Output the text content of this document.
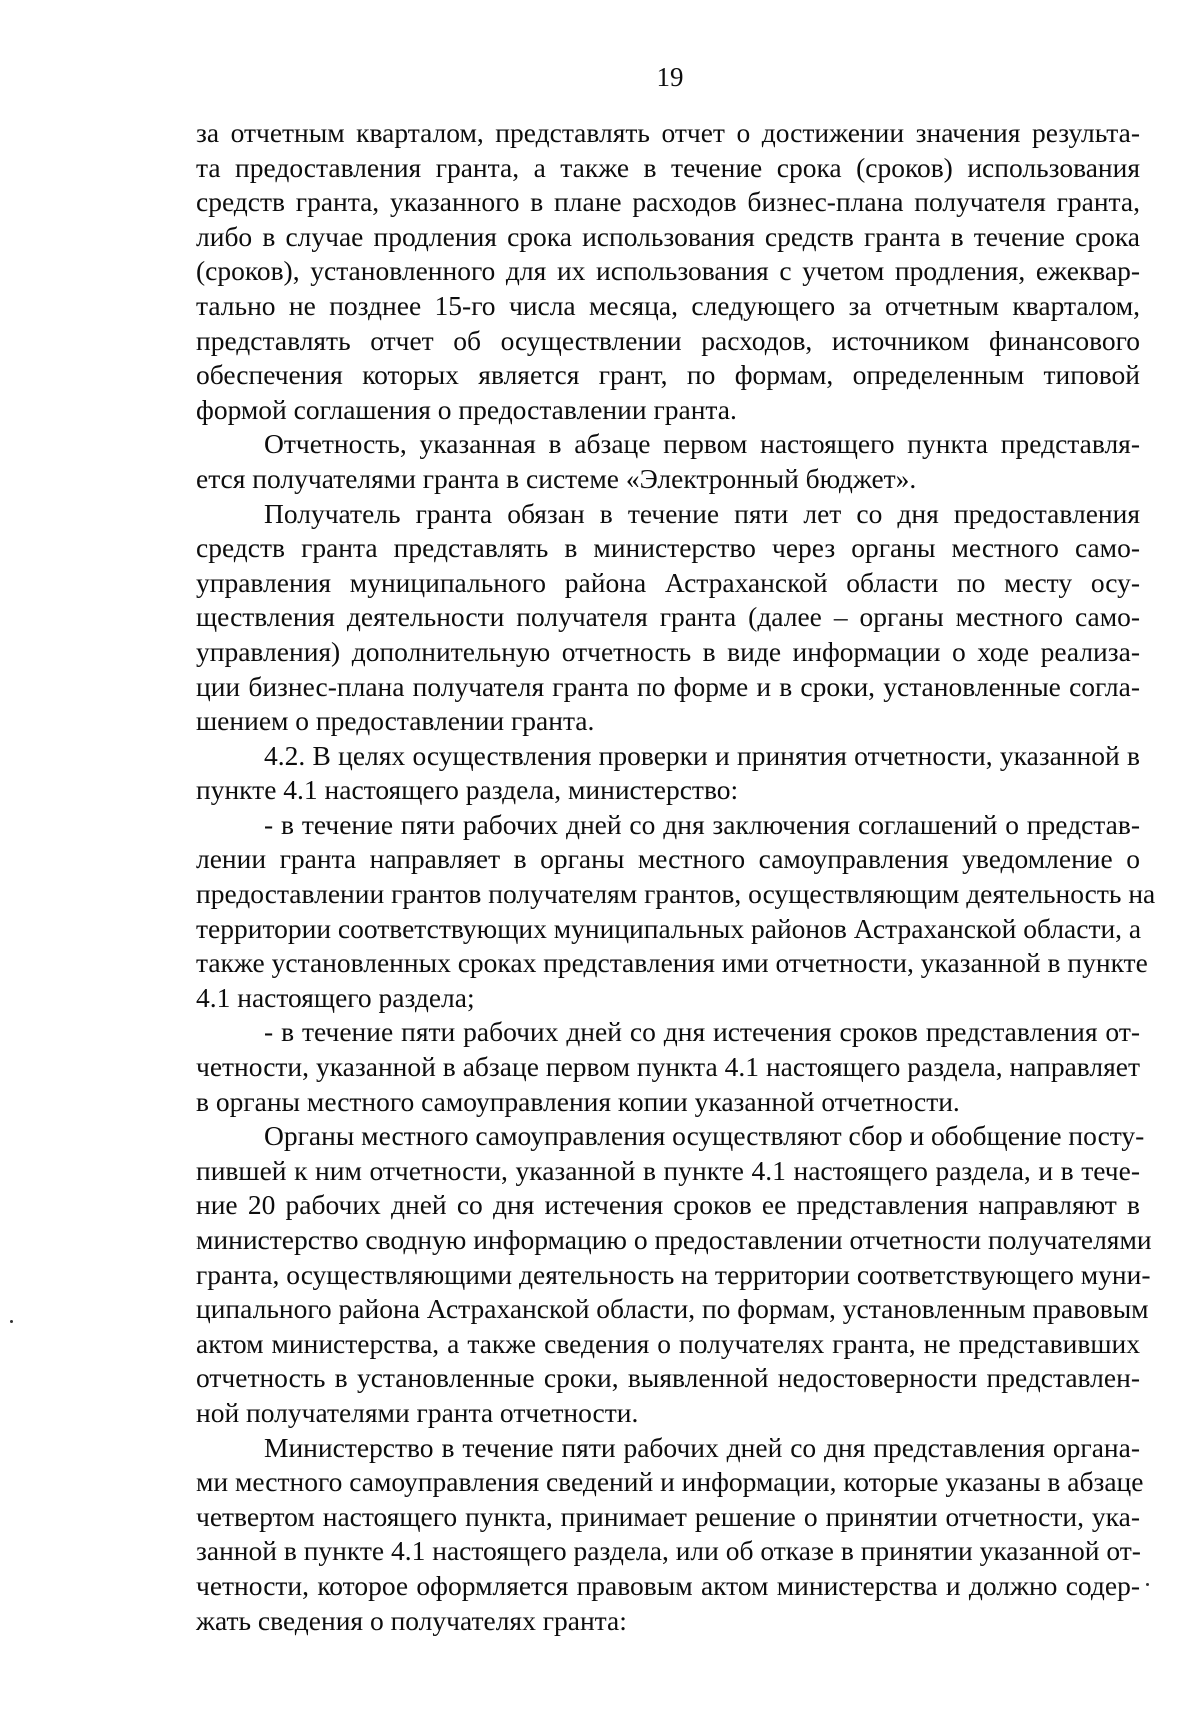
19

за отчетным кварталом, представлять отчет о достижении значения результа-
та предоставления гранта, а также в течение срока (сроков) использования
средств гранта, указанного в плане расходов бизнес-плана получателя гранта,
либо в случае продления срока использования средств гранта в течение срока
(сроков), установленного для их использования с учетом продления, ежеквар-
тально не позднее 15-го числа месяца, следующего за отчетным кварталом,
представлять отчет об осуществлении расходов, источником финансового
обеспечения которых является грант, по формам, определенным типовой
формой соглашения о предоставлении гранта.

Отчетность, указанная в абзаце первом настоящего пункта представля-
ется получателями гранта в системе «Электронный бюджет».

Получатель гранта обязан в течение пяти лет со дня предоставления
средств гранта представлять в министерство через органы местного само-
управления муниципального района Астраханской области по месту осу-
ществления деятельности получателя гранта (далее – органы местного само-
управления) дополнительную отчетность в виде информации о ходе реализа-
ции бизнес-плана получателя гранта по форме и в сроки, установленные согла-
шением о предоставлении гранта.

4.2. В целях осуществления проверки и принятия отчетности, указанной в
пункте 4.1 настоящего раздела, министерство:

- в течение пяти рабочих дней со дня заключения соглашений о представ-
лении гранта направляет в органы местного самоуправления уведомление о
предоставлении грантов получателям грантов, осуществляющим деятельность на
территории соответствующих муниципальных районов Астраханской области, а
также установленных сроках представления ими отчетности, указанной в пункте
4.1 настоящего раздела;

- в течение пяти рабочих дней со дня истечения сроков представления от-
четности, указанной в абзаце первом пункта 4.1 настоящего раздела, направляет
в органы местного самоуправления копии указанной отчетности.

Органы местного самоуправления осуществляют сбор и обобщение посту-
пившей к ним отчетности, указанной в пункте 4.1 настоящего раздела, и в тече-
ние 20 рабочих дней со дня истечения сроков ее представления направляют в
министерство сводную информацию о предоставлении отчетности получателями
гранта, осуществляющими деятельность на территории соответствующего муни-
ципального района Астраханской области, по формам, установленным правовым
актом министерства, а также сведения о получателях гранта, не представивших
отчетность в установленные сроки, выявленной недостоверности представлен-
ной получателями гранта отчетности.

Министерство в течение пяти рабочих дней со дня представления органа-
ми местного самоуправления сведений и информации, которые указаны в абзаце
четвертом настоящего пункта, принимает решение о принятии отчетности, ука-
занной в пункте 4.1 настоящего раздела, или об отказе в принятии указанной от-
четности, которое оформляется правовым актом министерства и должно содер-
жать сведения о получателях гранта:
